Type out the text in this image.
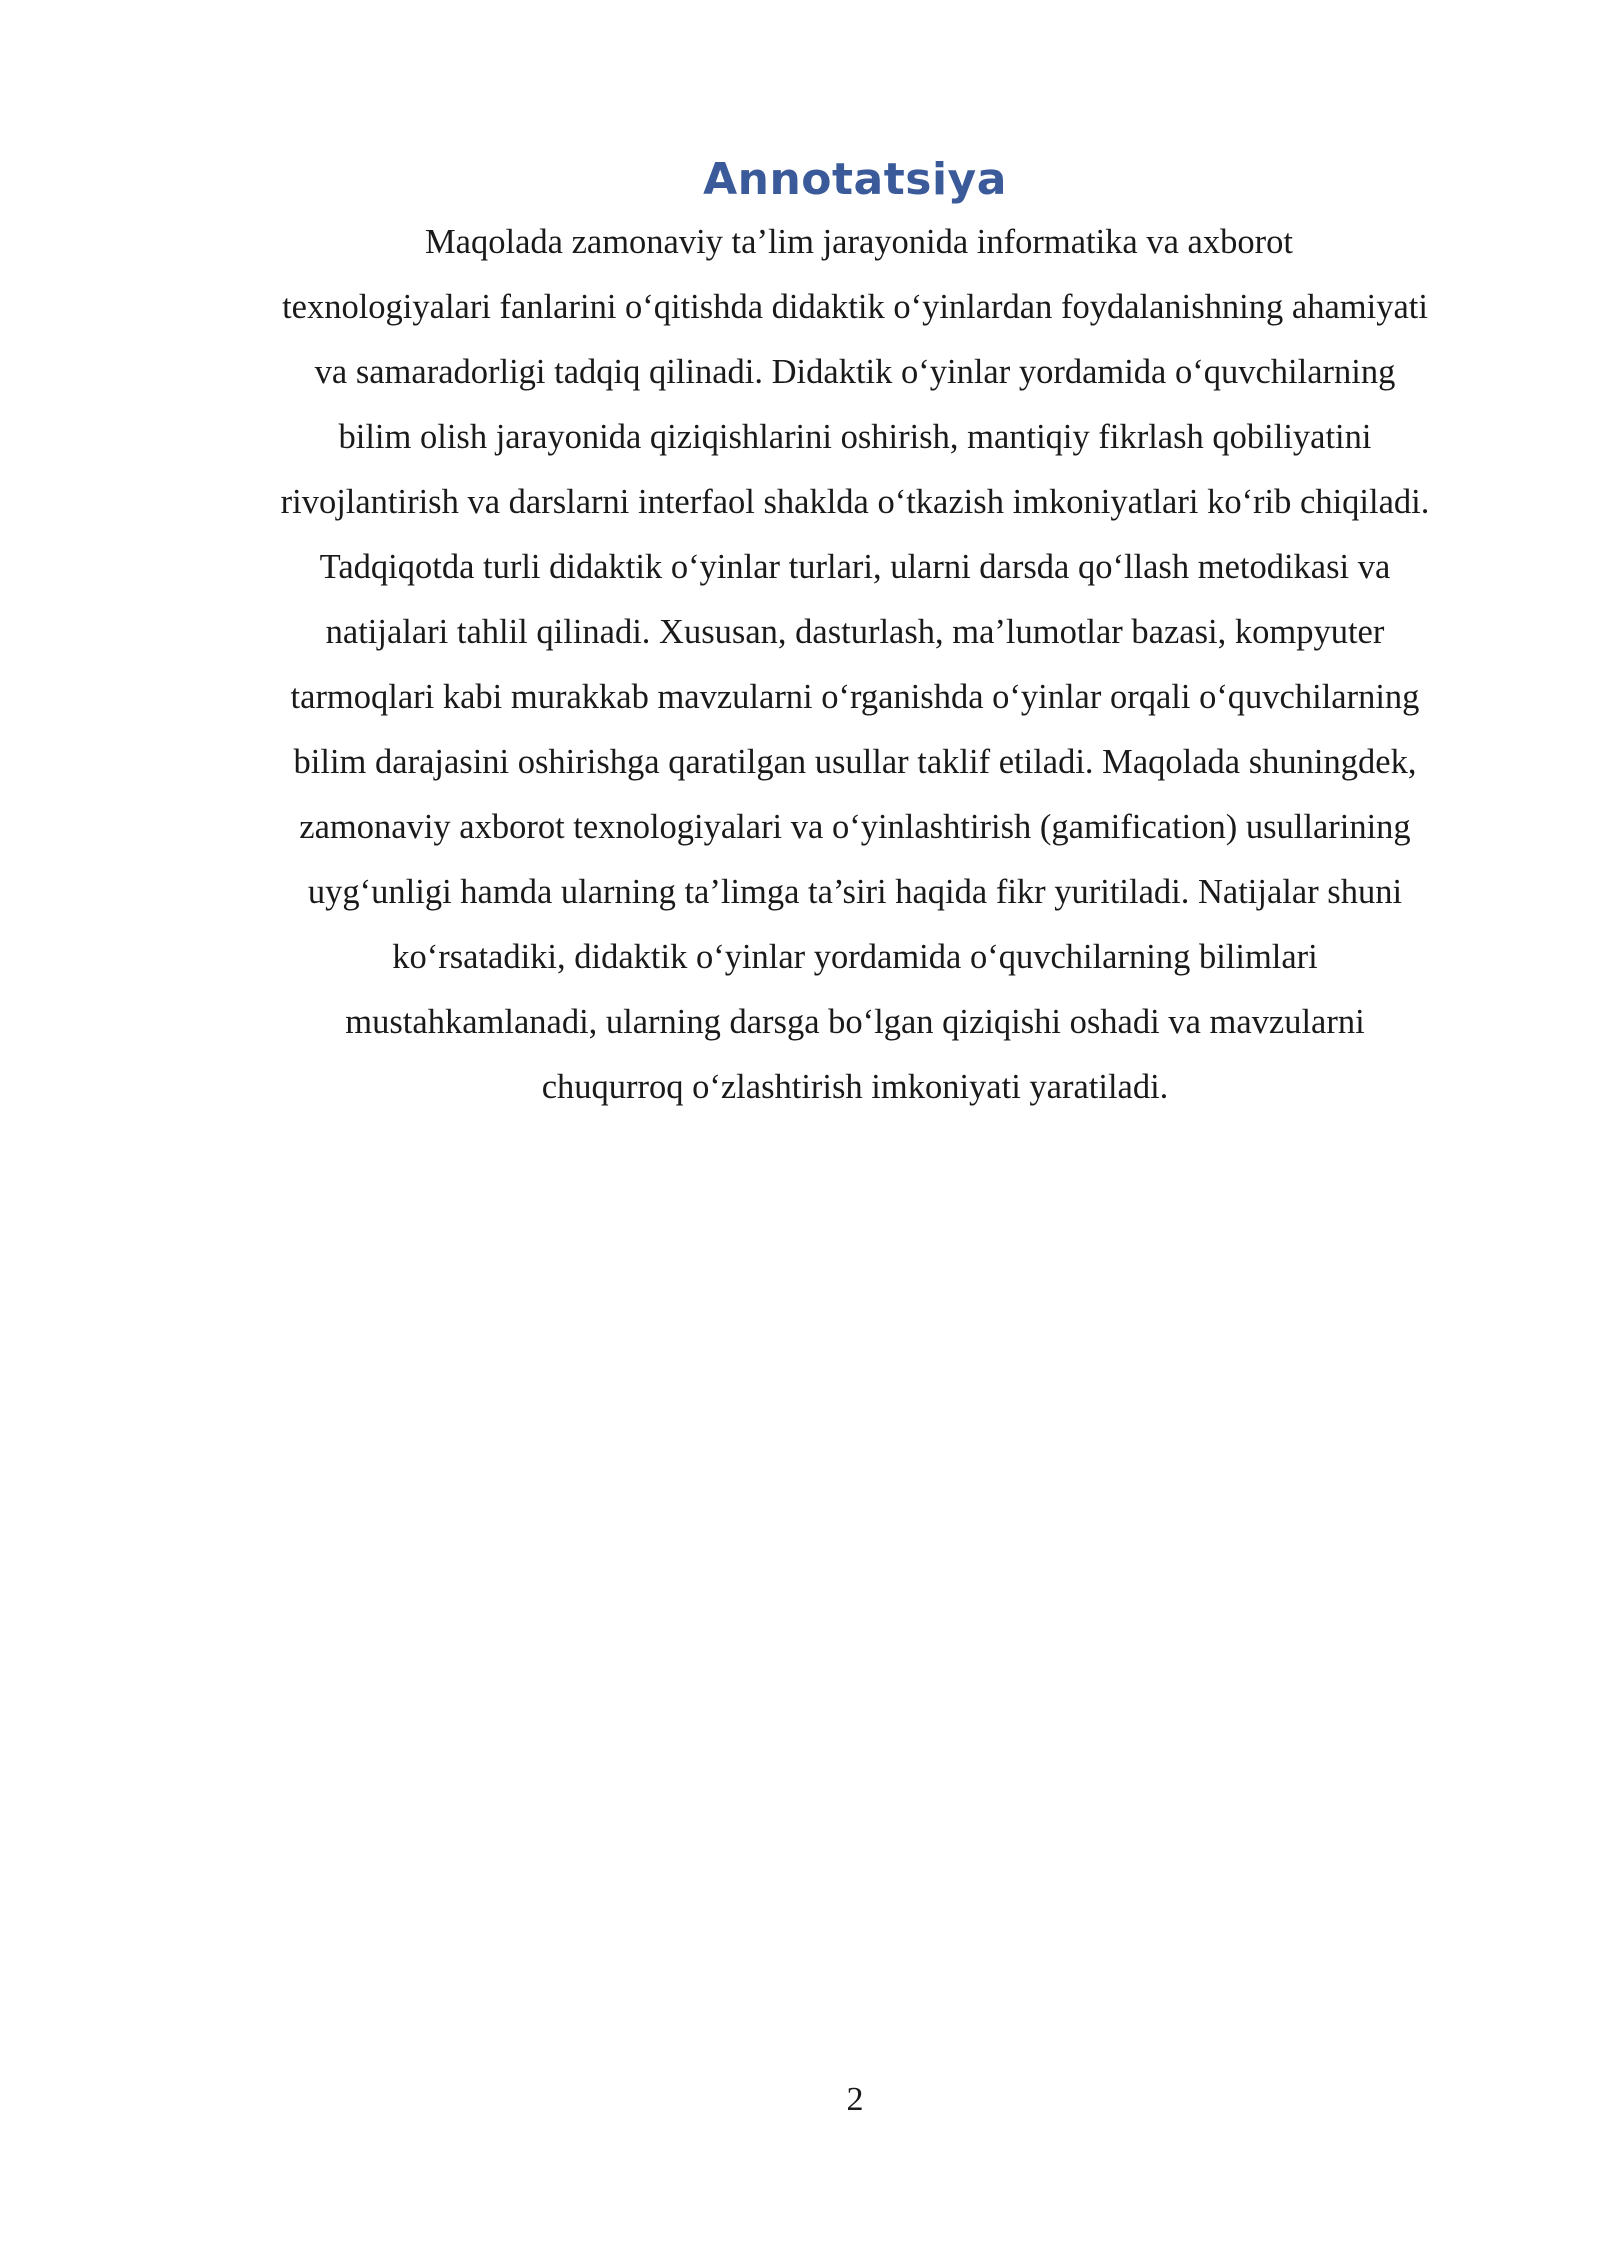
Annotatsiya
Maqolada zamonaviy ta’lim jarayonida informatika va axborot
texnologiyalari fanlarini o‘qitishda didaktik o‘yinlardan foydalanishning ahamiyati
va samaradorligi tadqiq qilinadi. Didaktik o‘yinlar yordamida o‘quvchilarning
bilim olish jarayonida qiziqishlarini oshirish, mantiqiy fikrlash qobiliyatini
rivojlantirish va darslarni interfaol shaklda o‘tkazish imkoniyatlari ko‘rib chiqiladi.
Tadqiqotda turli didaktik o‘yinlar turlari, ularni darsda qo‘llash metodikasi va
natijalari tahlil qilinadi. Xususan, dasturlash, ma’lumotlar bazasi, kompyuter
tarmoqlari kabi murakkab mavzularni o‘rganishda o‘yinlar orqali o‘quvchilarning
bilim darajasini oshirishga qaratilgan usullar taklif etiladi. Maqolada shuningdek,
zamonaviy axborot texnologiyalari va o‘yinlashtirish (gamification) usullarining
uyg‘unligi hamda ularning ta’limga ta’siri haqida fikr yuritiladi. Natijalar shuni
ko‘rsatadiki, didaktik o‘yinlar yordamida o‘quvchilarning bilimlari
mustahkamlanadi, ularning darsga bo‘lgan qiziqishi oshadi va mavzularni
chuqurroq o‘zlashtirish imkoniyati yaratiladi.
2
